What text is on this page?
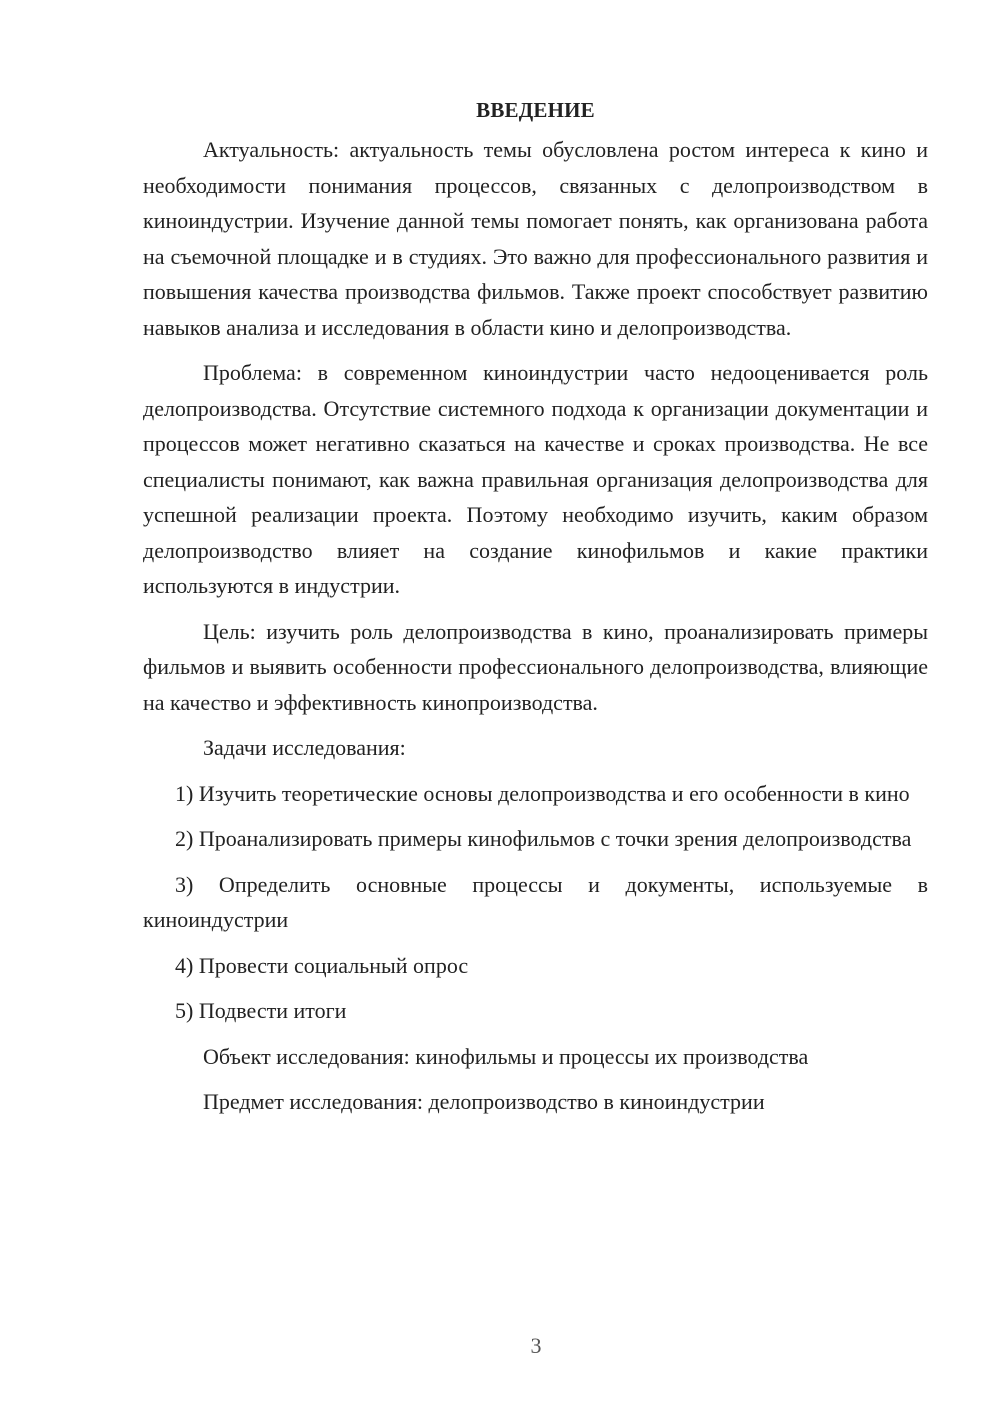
ВВЕДЕНИЕ

Актуальность: актуальность темы обусловлена ростом интереса к кино и необходимости понимания процессов, связанных с делопроизводством в киноиндустрии. Изучение данной темы помогает понять, как организована работа на съемочной площадке и в студиях. Это важно для профессионального развития и повышения качества производства фильмов. Также проект способствует развитию навыков анализа и исследования в области кино и делопроизводства.

Проблема: в современном киноиндустрии часто недооценивается роль делопроизводства. Отсутствие системного подхода к организации документации и процессов может негативно сказаться на качестве и сроках производства. Не все специалисты понимают, как важна правильная организация делопроизводства для успешной реализации проекта. Поэтому необходимо изучить, каким образом делопроизводство влияет на создание кинофильмов и какие практики используются в индустрии.

Цель: изучить роль делопроизводства в кино, проанализировать примеры фильмов и выявить особенности профессионального делопроизводства, влияющие на качество и эффективность кинопроизводства.

Задачи исследования:

1) Изучить теоретические основы делопроизводства и его особенности в кино

2) Проанализировать примеры кинофильмов с точки зрения делопроизводства

3) Определить основные процессы и документы, используемые в киноиндустрии

4) Провести социальный опрос

5) Подвести итоги

Объект исследования: кинофильмы и процессы их производства

Предмет исследования: делопроизводство в киноиндустрии

3
